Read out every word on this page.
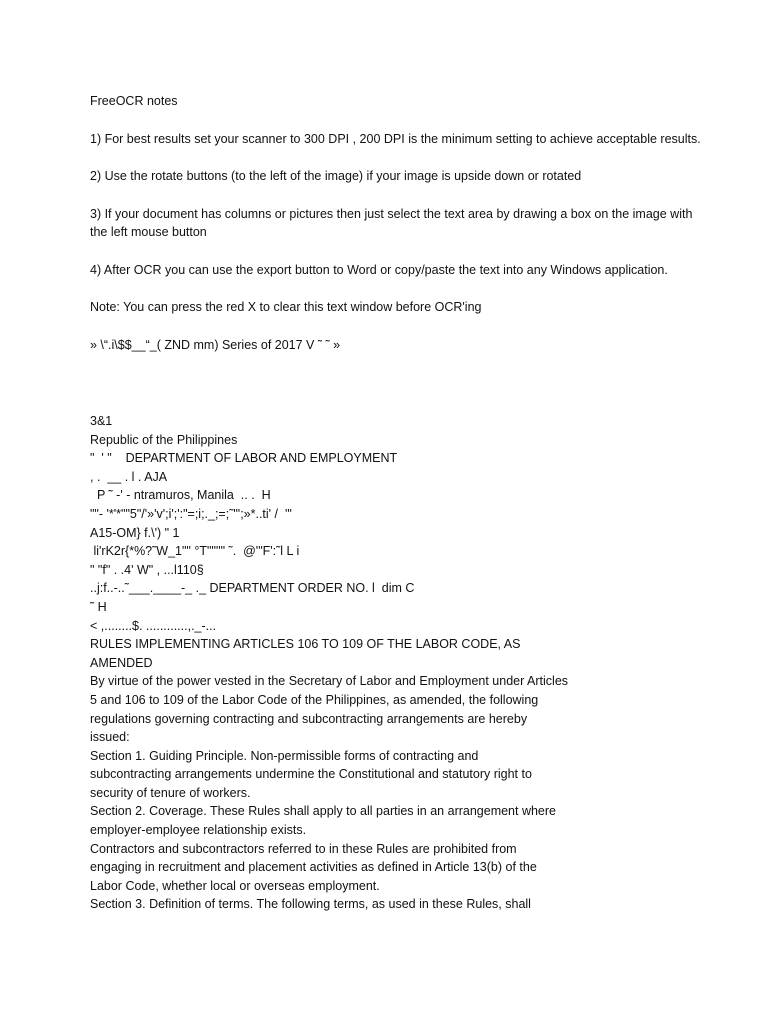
FreeOCR notes

1) For best results set your scanner to 300 DPI , 200 DPI is the minimum setting to achieve acceptable results.

2) Use the rotate buttons (to the left of the image) if your image is upside down or rotated

3) If your document has columns or pictures then just select the text area by drawing a box on the image with the left mouse button

4) After OCR you can use the export button to Word or copy/paste the text into any Windows application.

Note: You can press the red X to clear this text window before OCR'ing

» \“.i\$$__“_( ZND mm) Series of 2017 V ˜ ˜ »

3&1
Republic of the Philippines
"  ' "    DEPARTMENT OF LABOR AND EMPLOYMENT
, .  __ . l . AJA
P ˜ -' - ntramuros, Manila  .. .  H
""- '*'*""5"/'»'v';i';':"=;i;._;=;˜"';»*..ti' /  '"
A15-OM} f.\') " 1
li'rK2r{*%?˜W_1"" °T"'"'" ˜.  @'"F':˜l L i
" "f" . .4' W" , ...l110§
..j:f..-..˜___.____-_ ._ DEPARTMENT ORDER NO. l  dim C
˜ H
< ,........$. ............,._-...
RULES IMPLEMENTING ARTICLES 106 TO 109 OF THE LABOR CODE, AS
AMENDED
By virtue of the power vested in the Secretary of Labor and Employment under Articles
5 and 106 to 109 of the Labor Code of the Philippines, as amended, the following
regulations governing contracting and subcontracting arrangements are hereby
issued:
Section 1. Guiding Principle. Non-permissible forms of contracting and
subcontracting arrangements undermine the Constitutional and statutory right to
security of tenure of workers.
Section 2. Coverage. These Rules shall apply to all parties in an arrangement where
employer-employee relationship exists.
Contractors and subcontractors referred to in these Rules are prohibited from
engaging in recruitment and placement activities as defined in Article 13(b) of the
Labor Code, whether local or overseas employment.
Section 3. Definition of terms. The following terms, as used in these Rules, shall
